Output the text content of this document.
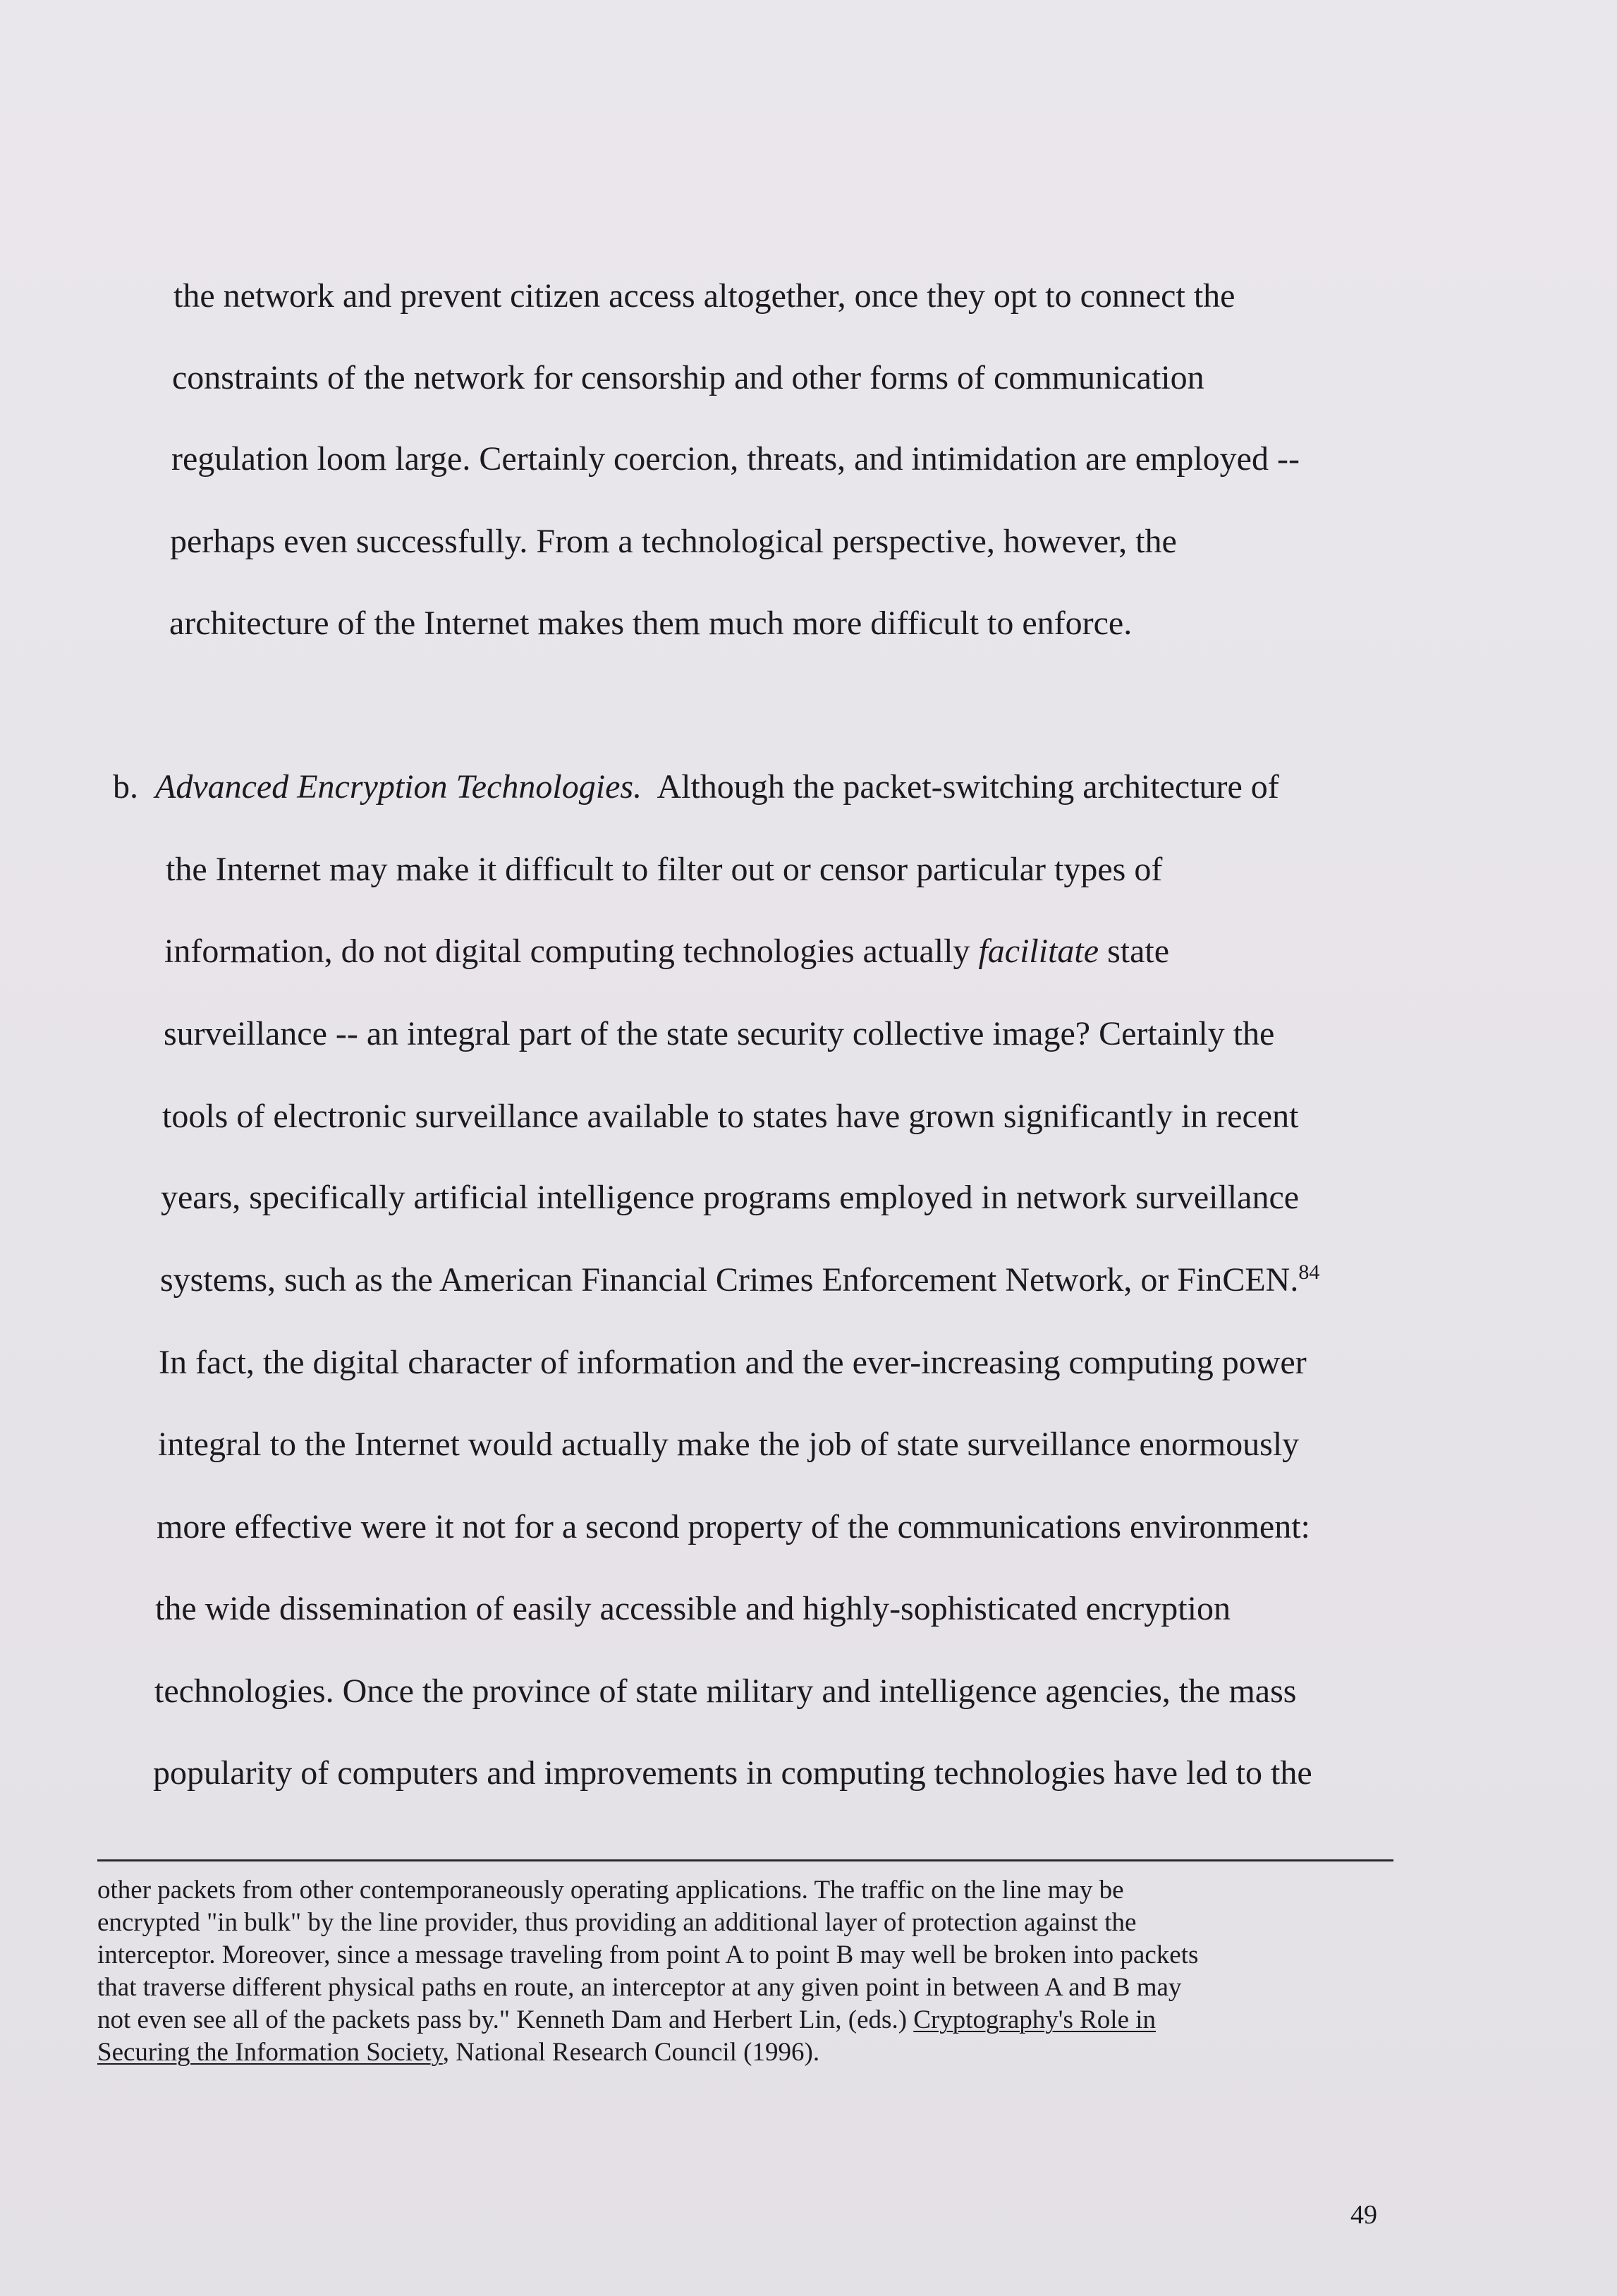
the network and prevent citizen access altogether, once they opt to connect the
constraints of the network for censorship and other forms of communication
regulation loom large. Certainly coercion, threats, and intimidation are employed --
perhaps even successfully. From a technological perspective, however, the
architecture of the Internet makes them much more difficult to enforce.
b. Advanced Encryption Technologies. Although the packet-switching architecture of
the Internet may make it difficult to filter out or censor particular types of
information, do not digital computing technologies actually facilitate state
surveillance -- an integral part of the state security collective image? Certainly the
tools of electronic surveillance available to states have grown significantly in recent
years, specifically artificial intelligence programs employed in network surveillance
systems, such as the American Financial Crimes Enforcement Network, or FinCEN.$^{84}$
In fact, the digital character of information and the ever-increasing computing power
integral to the Internet would actually make the job of state surveillance enormously
more effective were it not for a second property of the communications environment:
the wide dissemination of easily accessible and highly-sophisticated encryption
technologies. Once the province of state military and intelligence agencies, the mass
popularity of computers and improvements in computing technologies have led to the
other packets from other contemporaneously operating applications. The traffic on the line may be
encrypted "in bulk" by the line provider, thus providing an additional layer of protection against the
interceptor. Moreover, since a message traveling from point A to point B may well be broken into packets
that traverse different physical paths en route, an interceptor at any given point in between A and B may
not even see all of the packets pass by." Kenneth Dam and Herbert Lin, (eds.) Cryptography's Role in
Securing the Information Society, National Research Council (1996).
49
